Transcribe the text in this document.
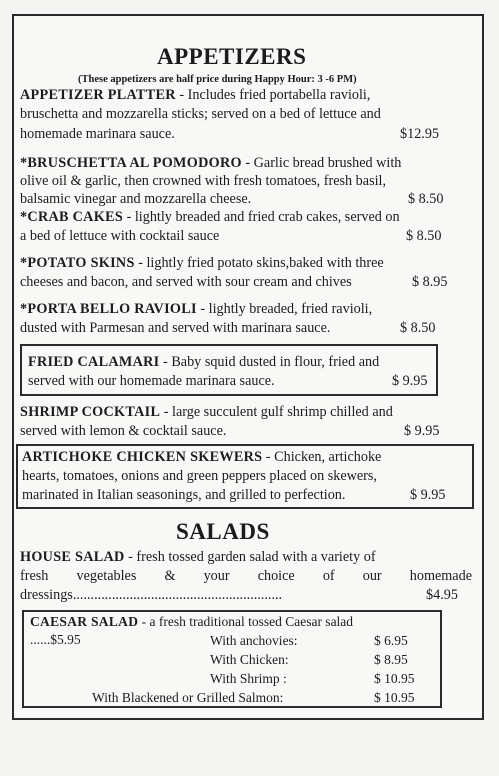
APPETIZERS
(These appetizers are half price during Happy Hour: 3 -6 PM)
APPETIZER PLATTER - Includes fried portabella ravioli,
bruschetta and mozzarella sticks; served on a bed of lettuce and
homemade marinara sauce.	$12.95
*BRUSCHETTA AL POMODORO - Garlic bread brushed with
olive oil & garlic, then crowned with fresh tomatoes, fresh basil,
balsamic vinegar and mozzarella cheese.	$ 8.50
*CRAB CAKES - lightly breaded and fried crab cakes, served on
a bed of lettuce with cocktail sauce	$ 8.50
*POTATO SKINS - lightly fried potato skins,baked with three
cheeses and bacon, and served with sour cream and chives	$ 8.95
*PORTA BELLO RAVIOLI - lightly breaded, fried ravioli,
dusted with Parmesan and served with marinara sauce.	$ 8.50
FRIED CALAMARI - Baby squid dusted in flour, fried and
served with our homemade marinara sauce.	$ 9.95
SHRIMP COCKTAIL - large succulent gulf shrimp chilled and
served with lemon & cocktail sauce.	$ 9.95
ARTICHOKE CHICKEN SKEWERS - Chicken, artichoke
hearts, tomatoes, onions and green peppers placed on skewers,
marinated in Italian seasonings, and grilled to perfection.	$ 9.95
SALADS
HOUSE SALAD - fresh tossed garden salad with a variety of
fresh vegetables & your choice of our homemade
dressings...........................................................	$4.95
CAESAR SALAD - a fresh traditional tossed Caesar salad
......$5.95	With anchovies:	$ 6.95
With Chicken:	$ 8.95
With Shrimp :	$ 10.95
With Blackened or Grilled Salmon:	$ 10.95
